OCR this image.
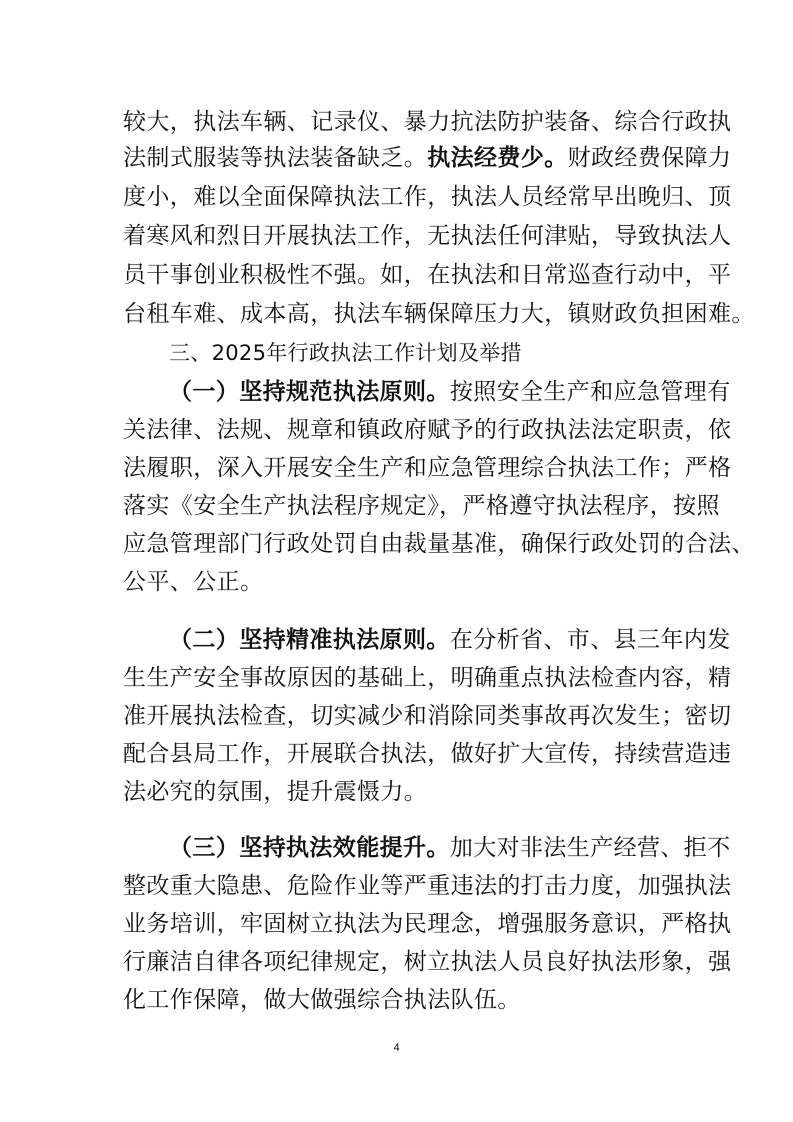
较大，执法车辆、记录仪、暴力抗法防护装备、综合行政执
法制式服装等执法装备缺乏。执法经费少。财政经费保障力
度小，难以全面保障执法工作，执法人员经常早出晚归、顶
着寒风和烈日开展执法工作，无执法任何津贴，导致执法人
员干事创业积极性不强。如，在执法和日常巡查行动中，平
台租车难、成本高，执法车辆保障压力大，镇财政负担困难。
三、2025年行政执法工作计划及举措
（一）坚持规范执法原则。按照安全生产和应急管理有
关法律、法规、规章和镇政府赋予的行政执法法定职责，依
法履职，深入开展安全生产和应急管理综合执法工作；严格
落实《安全生产执法程序规定》，严格遵守执法程序，按照
应急管理部门行政处罚自由裁量基准，确保行政处罚的合法、
公平、公正。
（二）坚持精准执法原则。在分析省、市、县三年内发
生生产安全事故原因的基础上，明确重点执法检查内容，精
准开展执法检查，切实减少和消除同类事故再次发生；密切
配合县局工作，开展联合执法，做好扩大宣传，持续营造违
法必究的氛围，提升震慑力。
（三）坚持执法效能提升。加大对非法生产经营、拒不
整改重大隐患、危险作业等严重违法的打击力度，加强执法
业务培训，牢固树立执法为民理念，增强服务意识，严格执
行廉洁自律各项纪律规定，树立执法人员良好执法形象，强
化工作保障，做大做强综合执法队伍。
4
